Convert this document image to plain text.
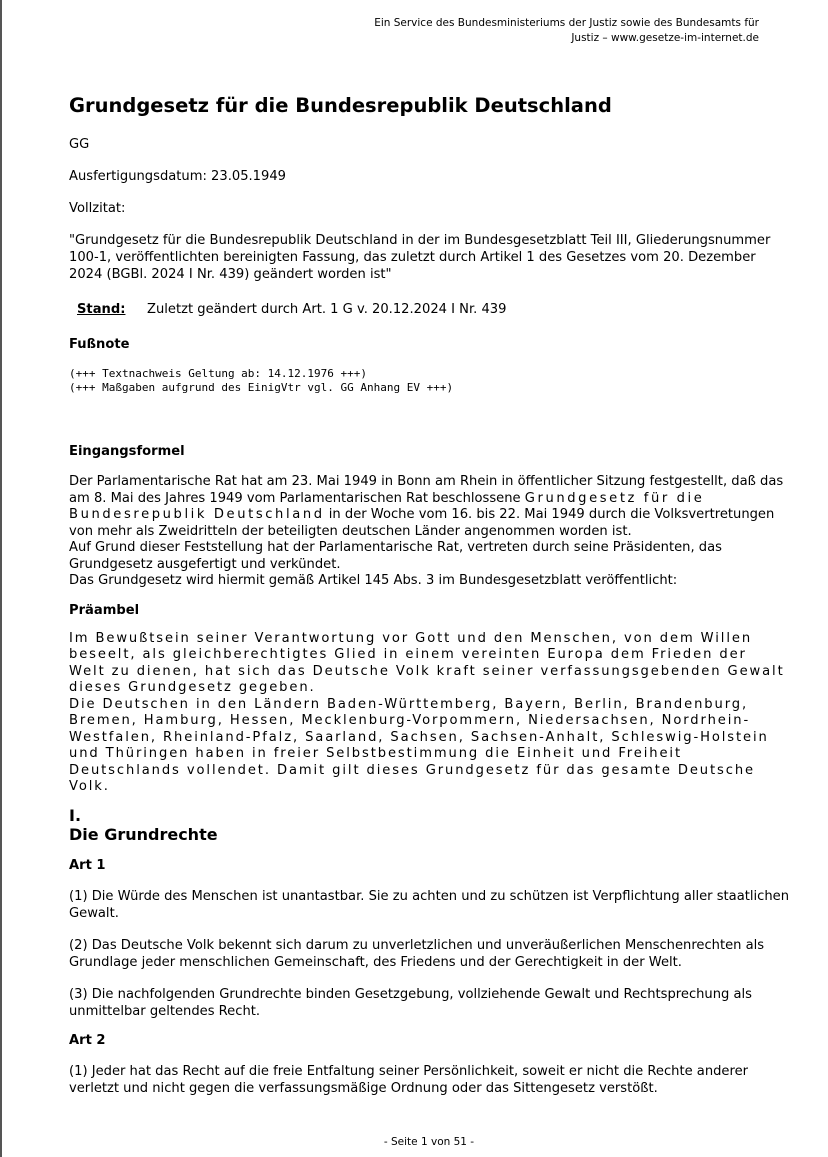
Ein Service des Bundesministeriums der Justiz sowie des Bundesamts für
Justiz – www.gesetze-im-internet.de
Grundgesetz für die Bundesrepublik Deutschland
GG
Ausfertigungsdatum: 23.05.1949
Vollzitat:
"Grundgesetz für die Bundesrepublik Deutschland in der im Bundesgesetzblatt Teil III, Gliederungsnummer 100-1, veröffentlichten bereinigten Fassung, das zuletzt durch Artikel 1 des Gesetzes vom 20. Dezember 2024 (BGBl. 2024 I Nr. 439) geändert worden ist"
Stand:	Zuletzt geändert durch Art. 1 G v. 20.12.2024 I Nr. 439
Fußnote
(+++ Textnachweis Geltung ab: 14.12.1976 +++)
(+++ Maßgaben aufgrund des EinigVtr vgl. GG Anhang EV +++)
Eingangsformel
Der Parlamentarische Rat hat am 23. Mai 1949 in Bonn am Rhein in öffentlicher Sitzung festgestellt, daß das am 8. Mai des Jahres 1949 vom Parlamentarischen Rat beschlossene Grundgesetz für die Bundesrepublik Deutschland in der Woche vom 16. bis 22. Mai 1949 durch die Volksvertretungen von mehr als Zweidritteln der beteiligten deutschen Länder angenommen worden ist.
Auf Grund dieser Feststellung hat der Parlamentarische Rat, vertreten durch seine Präsidenten, das Grundgesetz ausgefertigt und verkündet.
Das Grundgesetz wird hiermit gemäß Artikel 145 Abs. 3 im Bundesgesetzblatt veröffentlicht:
Präambel
Im Bewußtsein seiner Verantwortung vor Gott und den Menschen, von dem Willen beseelt, als gleichberechtigtes Glied in einem vereinten Europa dem Frieden der Welt zu dienen, hat sich das Deutsche Volk kraft seiner verfassungsgebenden Gewalt dieses Grundgesetz gegeben.
Die Deutschen in den Ländern Baden-Württemberg, Bayern, Berlin, Brandenburg, Bremen, Hamburg, Hessen, Mecklenburg-Vorpommern, Niedersachsen, Nordrhein-Westfalen, Rheinland-Pfalz, Saarland, Sachsen, Sachsen-Anhalt, Schleswig-Holstein und Thüringen haben in freier Selbstbestimmung die Einheit und Freiheit Deutschlands vollendet. Damit gilt dieses Grundgesetz für das gesamte Deutsche Volk.
I.
Die Grundrechte
Art 1
(1) Die Würde des Menschen ist unantastbar. Sie zu achten und zu schützen ist Verpflichtung aller staatlichen Gewalt.
(2) Das Deutsche Volk bekennt sich darum zu unverletzlichen und unveräußerlichen Menschenrechten als Grundlage jeder menschlichen Gemeinschaft, des Friedens und der Gerechtigkeit in der Welt.
(3) Die nachfolgenden Grundrechte binden Gesetzgebung, vollziehende Gewalt und Rechtsprechung als unmittelbar geltendes Recht.
Art 2
(1) Jeder hat das Recht auf die freie Entfaltung seiner Persönlichkeit, soweit er nicht die Rechte anderer verletzt und nicht gegen die verfassungsmäßige Ordnung oder das Sittengesetz verstößt.
- Seite 1 von 51 -
